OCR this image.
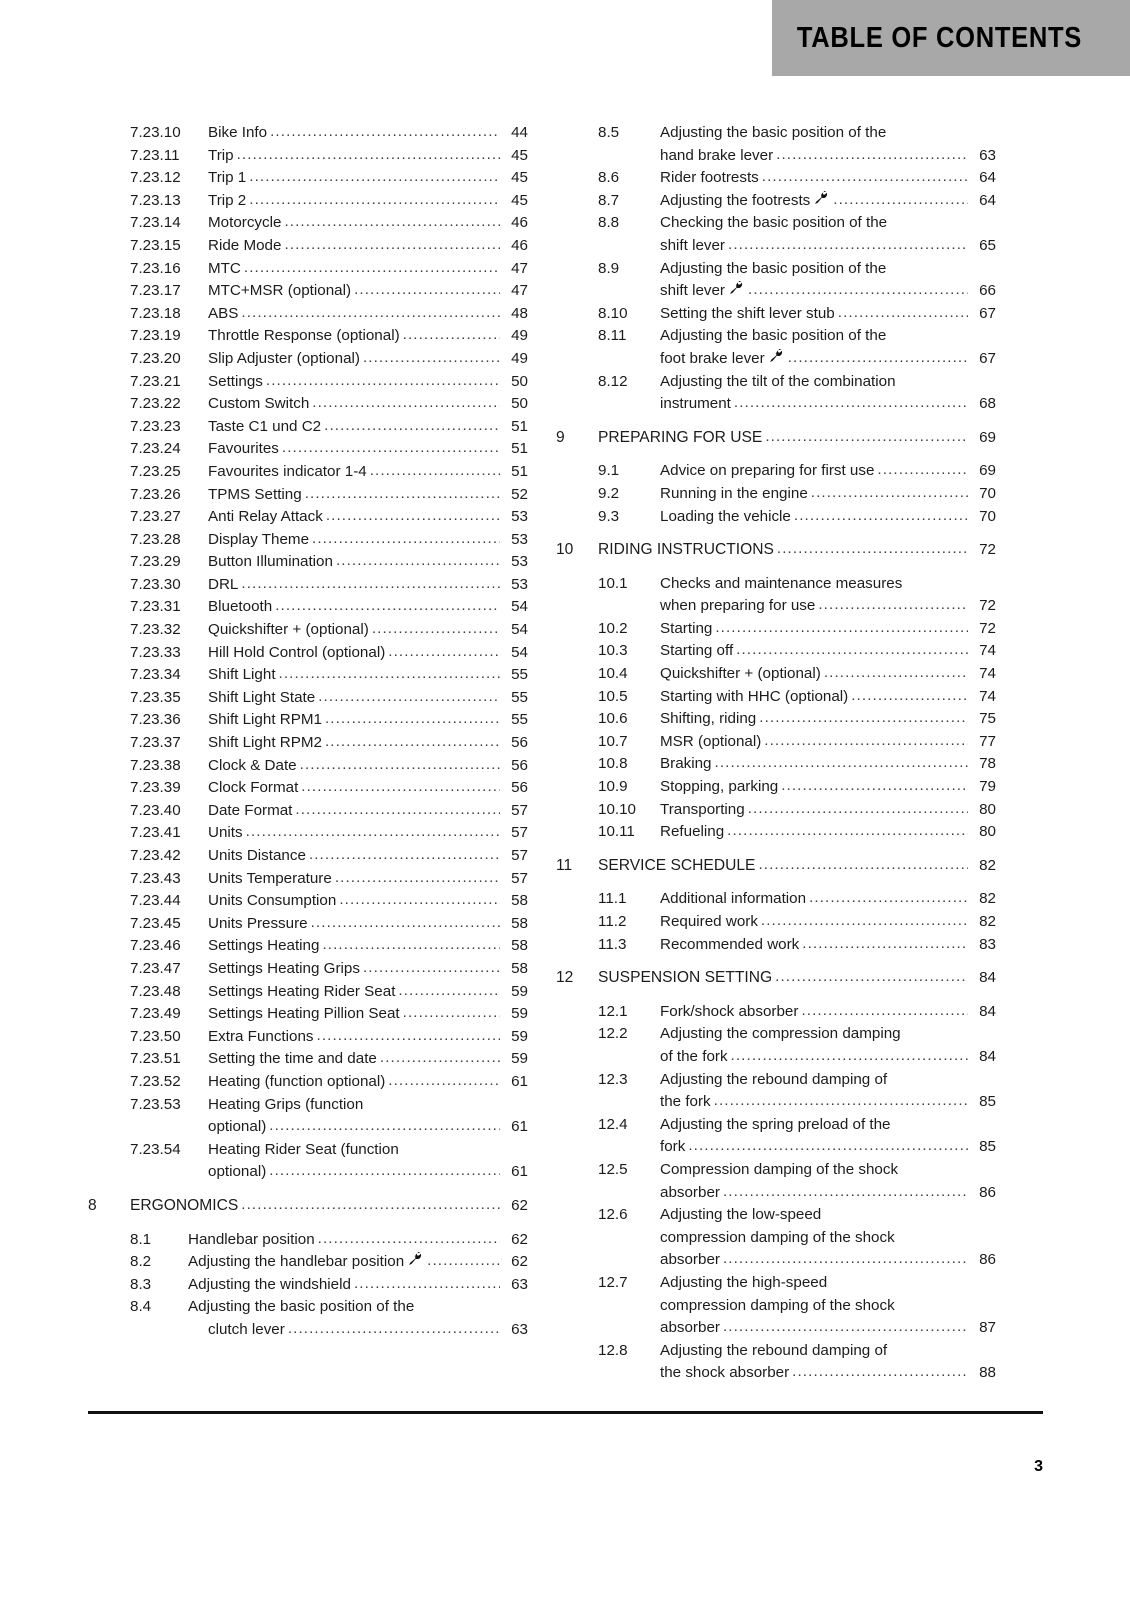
TABLE OF CONTENTS
7.23.10	Bike Info .....	44
7.23.11	Trip .....	45
7.23.12	Trip 1 .....	45
7.23.13	Trip 2 .....	45
7.23.14	Motorcycle .....	46
7.23.15	Ride Mode .....	46
7.23.16	MTC .....	47
7.23.17	MTC+MSR (optional) .....	47
7.23.18	ABS .....	48
7.23.19	Throttle Response (optional) .....	49
7.23.20	Slip Adjuster (optional) .....	49
7.23.21	Settings .....	50
7.23.22	Custom Switch .....	50
7.23.23	Taste C1 und C2 .....	51
7.23.24	Favourites .....	51
7.23.25	Favourites indicator 1-4 .....	51
7.23.26	TPMS Setting .....	52
7.23.27	Anti Relay Attack .....	53
7.23.28	Display Theme .....	53
7.23.29	Button Illumination .....	53
7.23.30	DRL .....	53
7.23.31	Bluetooth .....	54
7.23.32	Quickshifter + (optional) .....	54
7.23.33	Hill Hold Control (optional) .....	54
7.23.34	Shift Light .....	55
7.23.35	Shift Light State .....	55
7.23.36	Shift Light RPM1 .....	55
7.23.37	Shift Light RPM2 .....	56
7.23.38	Clock & Date .....	56
7.23.39	Clock Format .....	56
7.23.40	Date Format .....	57
7.23.41	Units .....	57
7.23.42	Units Distance .....	57
7.23.43	Units Temperature .....	57
7.23.44	Units Consumption .....	58
7.23.45	Units Pressure .....	58
7.23.46	Settings Heating .....	58
7.23.47	Settings Heating Grips .....	58
7.23.48	Settings Heating Rider Seat .....	59
7.23.49	Settings Heating Pillion Seat .....	59
7.23.50	Extra Functions .....	59
7.23.51	Setting the time and date .....	59
7.23.52	Heating (function optional) .....	61
7.23.53	Heating Grips (function
optional) .....	61
7.23.54	Heating Rider Seat (function
optional) .....	61
8	ERGONOMICS .....	62
8.1	Handlebar position .....	62
8.2	Adjusting the handlebar position .....	62
8.3	Adjusting the windshield .....	63
8.4	Adjusting the basic position of the
clutch lever .....	63
8.5	Adjusting the basic position of the
hand brake lever .....	63
8.6	Rider footrests .....	64
8.7	Adjusting the footrests .....	64
8.8	Checking the basic position of the
shift lever .....	65
8.9	Adjusting the basic position of the
shift lever .....	66
8.10	Setting the shift lever stub .....	67
8.11	Adjusting the basic position of the
foot brake lever .....	67
8.12	Adjusting the tilt of the combination
instrument .....	68
9	PREPARING FOR USE .....	69
9.1	Advice on preparing for first use .....	69
9.2	Running in the engine .....	70
9.3	Loading the vehicle .....	70
10	RIDING INSTRUCTIONS .....	72
10.1	Checks and maintenance measures
when preparing for use .....	72
10.2	Starting .....	72
10.3	Starting off .....	74
10.4	Quickshifter + (optional) .....	74
10.5	Starting with HHC (optional) .....	74
10.6	Shifting, riding .....	75
10.7	MSR (optional) .....	77
10.8	Braking .....	78
10.9	Stopping, parking .....	79
10.10	Transporting .....	80
10.11	Refueling .....	80
11	SERVICE SCHEDULE .....	82
11.1	Additional information .....	82
11.2	Required work .....	82
11.3	Recommended work .....	83
12	SUSPENSION SETTING .....	84
12.1	Fork/shock absorber .....	84
12.2	Adjusting the compression damping
of the fork .....	84
12.3	Adjusting the rebound damping of
the fork .....	85
12.4	Adjusting the spring preload of the
fork .....	85
12.5	Compression damping of the shock
absorber .....	86
12.6	Adjusting the low-speed
compression damping of the shock
absorber .....	86
12.7	Adjusting the high-speed
compression damping of the shock
absorber .....	87
12.8	Adjusting the rebound damping of
the shock absorber .....	88
3
